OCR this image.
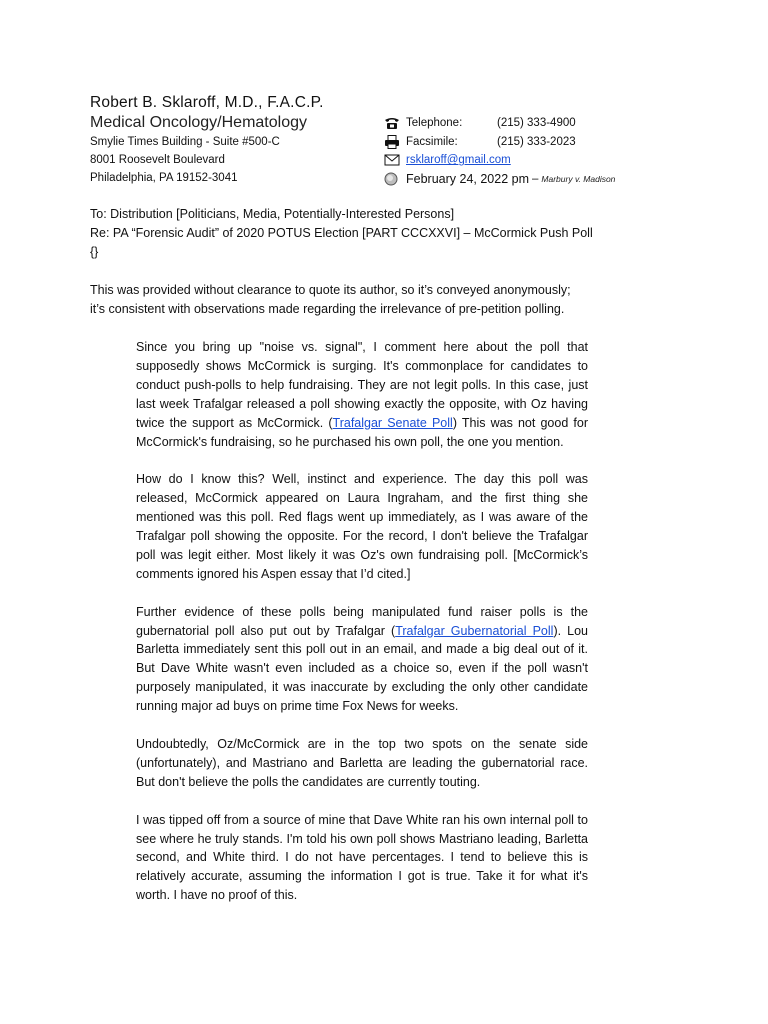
Robert B. Sklaroff, M.D., F.A.C.P.
Medical Oncology/Hematology
Smylie Times Building - Suite #500-C
8001 Roosevelt Boulevard
Philadelphia, PA 19152-3041
Telephone:	(215) 333-4900
Facsimile:	(215) 333-2023
rsklaroff@gmail.com
February 24, 2022 pm – Marbury v. Madison
To: Distribution [Politicians, Media, Potentially-Interested Persons]
Re: PA “Forensic Audit” of 2020 POTUS Election [PART CCCXXVI] – McCormick Push Poll
{}
This was provided without clearance to quote its author, so it’s conveyed anonymously;
it’s consistent with observations made regarding the irrelevance of pre-petition polling.

Since you bring up "noise vs. signal", I comment here about the poll that supposedly shows McCormick is surging. It's commonplace for candidates to conduct push-polls to help fundraising. They are not legit polls. In this case, just last week Trafalgar released a poll showing exactly the opposite, with Oz having twice the support as McCormick. (Trafalgar Senate Poll) This was not good for McCormick's fundraising, so he purchased his own poll, the one you mention.

How do I know this? Well, instinct and experience. The day this poll was released, McCormick appeared on Laura Ingraham, and the first thing she mentioned was this poll. Red flags went up immediately, as I was aware of the Trafalgar poll showing the opposite. For the record, I don't believe the Trafalgar poll was legit either. Most likely it was Oz's own fundraising poll. [McCormick’s comments ignored his Aspen essay that I’d cited.]

Further evidence of these polls being manipulated fund raiser polls is the gubernatorial poll also put out by Trafalgar (Trafalgar Gubernatorial Poll). Lou Barletta immediately sent this poll out in an email, and made a big deal out of it. But Dave White wasn't even included as a choice so, even if the poll wasn't purposely manipulated, it was inaccurate by excluding the only other candidate running major ad buys on prime time Fox News for weeks.

Undoubtedly, Oz/McCormick are in the top two spots on the senate side (unfortunately), and Mastriano and Barletta are leading the gubernatorial race. But don't believe the polls the candidates are currently touting.

I was tipped off from a source of mine that Dave White ran his own internal poll to see where he truly stands. I'm told his own poll shows Mastriano leading, Barletta second, and White third. I do not have percentages. I tend to believe this is relatively accurate, assuming the information I got is true. Take it for what it's worth. I have no proof of this.
